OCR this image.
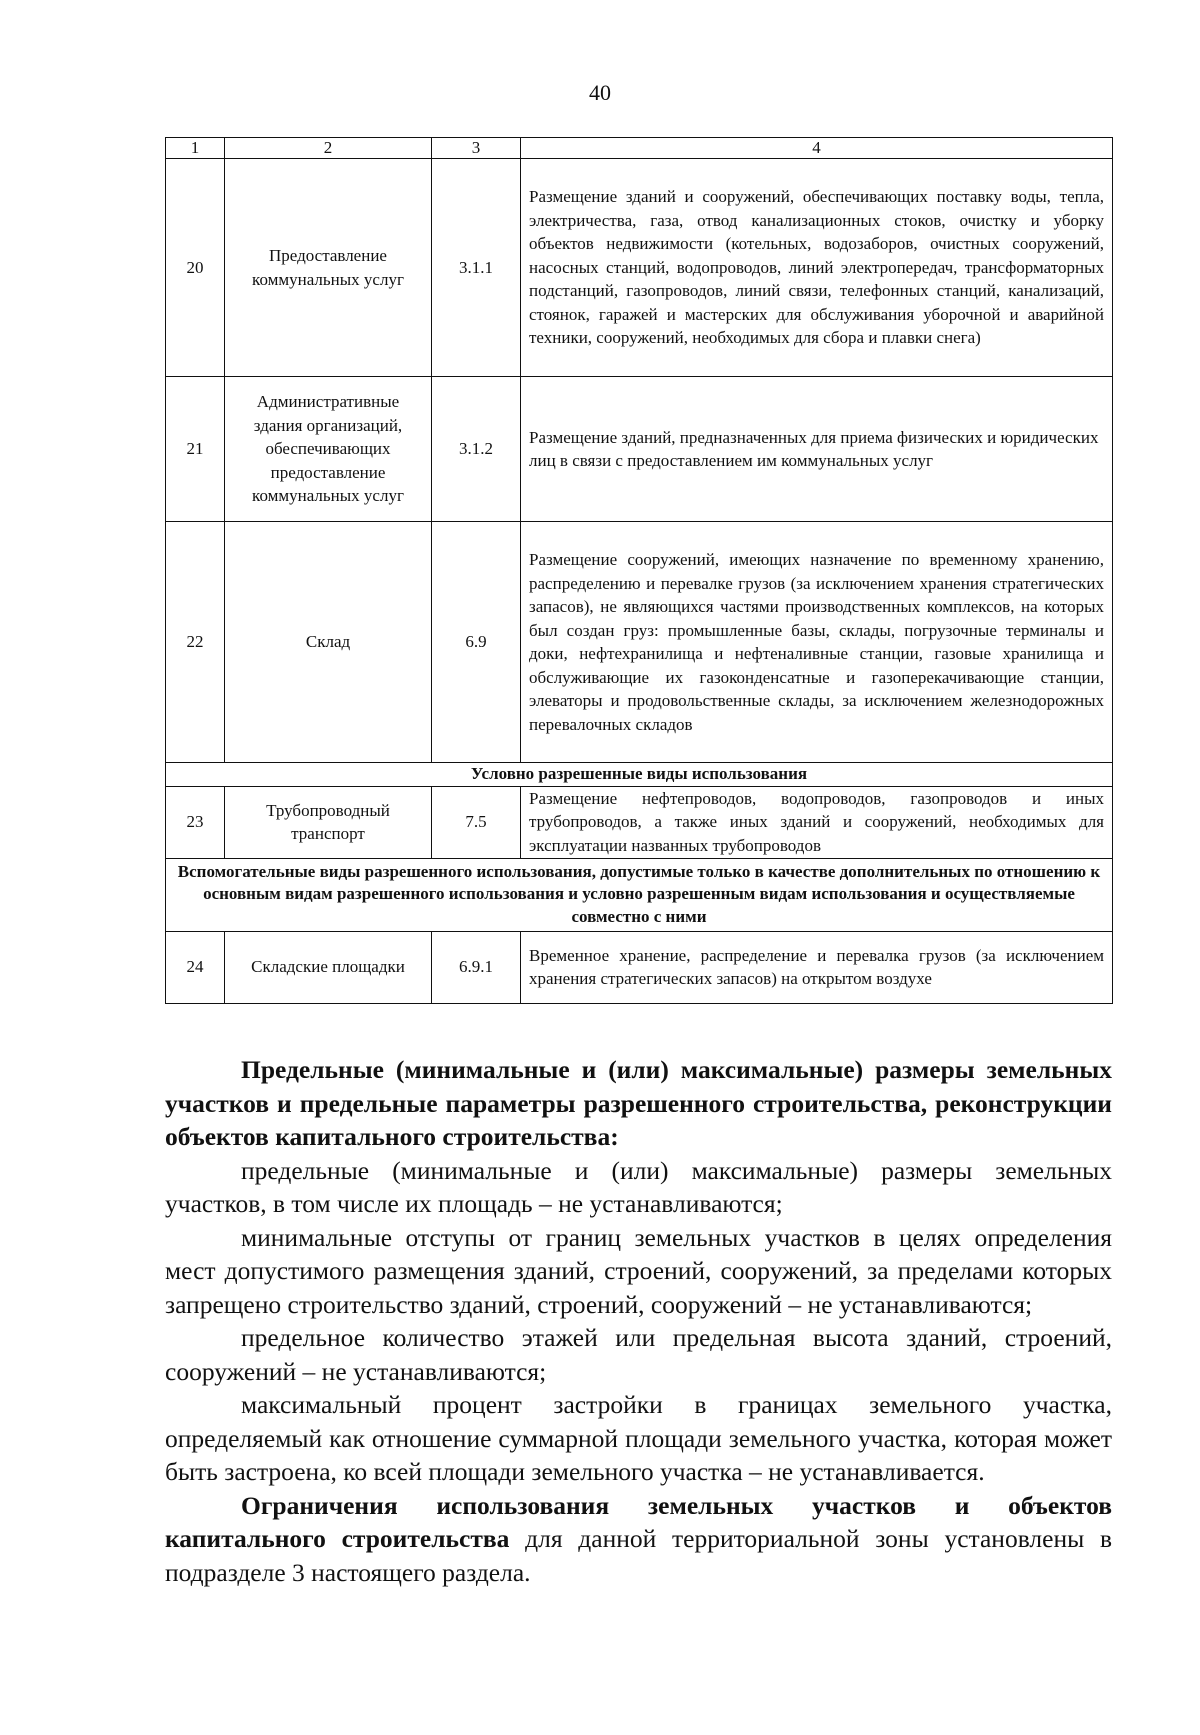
40
1	2	3	4
20	Предоставление коммунальных услуг	3.1.1	Размещение зданий и сооружений, обеспечивающих поставку воды, тепла, электричества, газа, отвод канализационных стоков, очистку и уборку объектов недвижимости (котельных, водозаборов, очистных сооружений, насосных станций, водопроводов, линий электропередач, трансформаторных подстанций, газопроводов, линий связи, телефонных станций, канализаций, стоянок, гаражей и мастерских для обслуживания уборочной и аварийной техники, сооружений, необходимых для сбора и плавки снега)
21	Административные здания организаций, обеспечивающих предоставление коммунальных услуг	3.1.2	Размещение зданий, предназначенных для приема физических и юридических лиц в связи с предоставлением им коммунальных услуг
22	Склад	6.9	Размещение сооружений, имеющих назначение по временному хранению, распределению и перевалке грузов (за исключением хранения стратегических запасов), не являющихся частями производственных комплексов, на которых был создан груз: промышленные базы, склады, погрузочные терминалы и доки, нефтехранилища и нефтеналивные станции, газовые хранилища и обслуживающие их газоконденсатные и газоперекачивающие станции, элеваторы и продовольственные склады, за исключением железнодорожных перевалочных складов
Условно разрешенные виды использования			
23	Трубопроводный транспорт	7.5	Размещение нефтепроводов, водопроводов, газопроводов и иных трубопроводов, а также иных зданий и сооружений, необходимых для эксплуатации названных трубопроводов
Вспомогательные виды разрешенного использования, допустимые только в качестве дополнительных по отношению к основным видам разрешенного использования и условно разрешенным видам использования и осуществляемые совместно с ними			
24	Складские площадки	6.9.1	Временное хранение, распределение и перевалка грузов (за исключением хранения стратегических запасов) на открытом воздухе

Предельные (минимальные и (или) максимальные) размеры земельных участков и предельные параметры разрешенного строительства, реконструкции объектов капитального строительства:

предельные (минимальные и (или) максимальные) размеры земельных участков, в том числе их площадь – не устанавливаются;

минимальные отступы от границ земельных участков в целях определения мест допустимого размещения зданий, строений, сооружений, за пределами которых запрещено строительство зданий, строений, сооружений – не устанавливаются;

предельное количество этажей или предельная высота зданий, строений, сооружений – не устанавливаются;

максимальный процент застройки в границах земельного участка, определяемый как отношение суммарной площади земельного участка, которая может быть застроена, ко всей площади земельного участка – не устанавливается.

Ограничения использования земельных участков и объектов капитального строительства для данной территориальной зоны установлены в подразделе 3 настоящего раздела.
